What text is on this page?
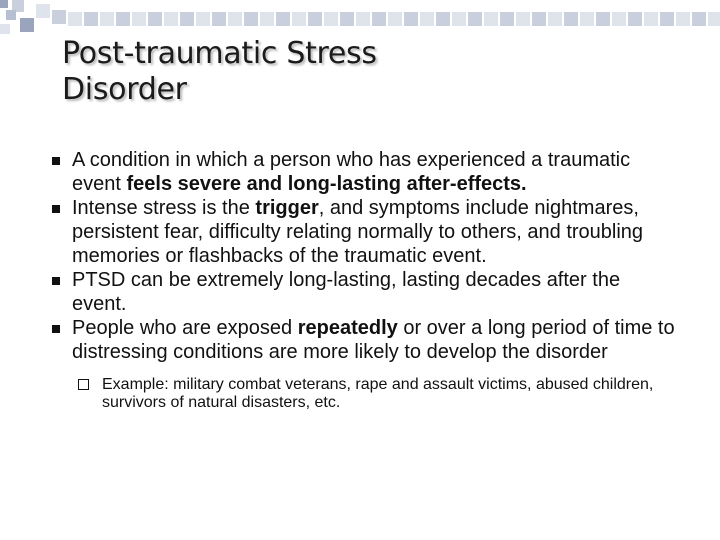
Post-traumatic Stress
Disorder
A condition in which a person who has experienced a traumatic event feels severe and long-lasting after-effects.
Intense stress is the trigger, and symptoms include nightmares, persistent fear, difficulty relating normally to others, and troubling memories or flashbacks of the traumatic event.
PTSD can be extremely long-lasting, lasting decades after the event.
People who are exposed repeatedly or over a long period of time to distressing conditions are more likely to develop the disorder
Example: military combat veterans, rape and assault victims, abused children, survivors of natural disasters, etc.
